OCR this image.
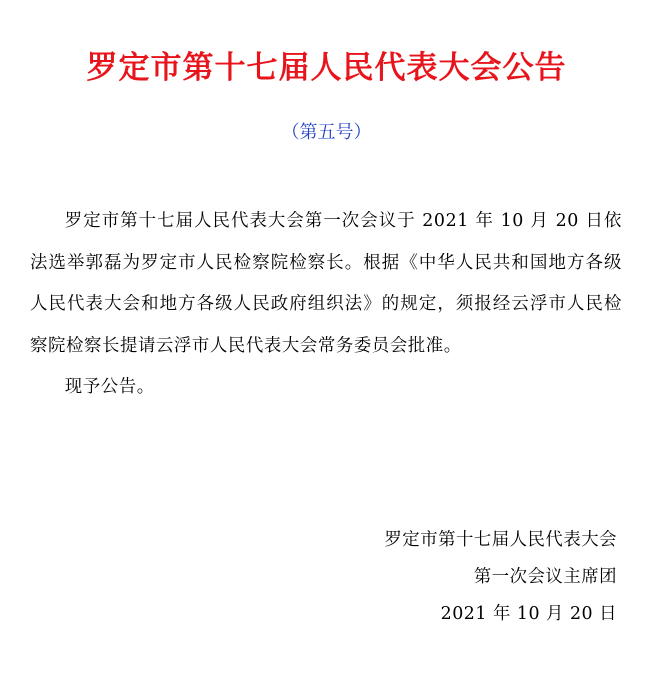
罗定市第十七届人民代表大会公告
（第五号）

罗定市第十七届人民代表大会第一次会议于 2021 年 10 月 20 日依法选举郭磊为罗定市人民检察院检察长。根据《中华人民共和国地方各级人民代表大会和地方各级人民政府组织法》的规定，须报经云浮市人民检察院检察长提请云浮市人民代表大会常务委员会批准。

现予公告。

罗定市第十七届人民代表大会
第一次会议主席团
2021 年 10 月 20 日
